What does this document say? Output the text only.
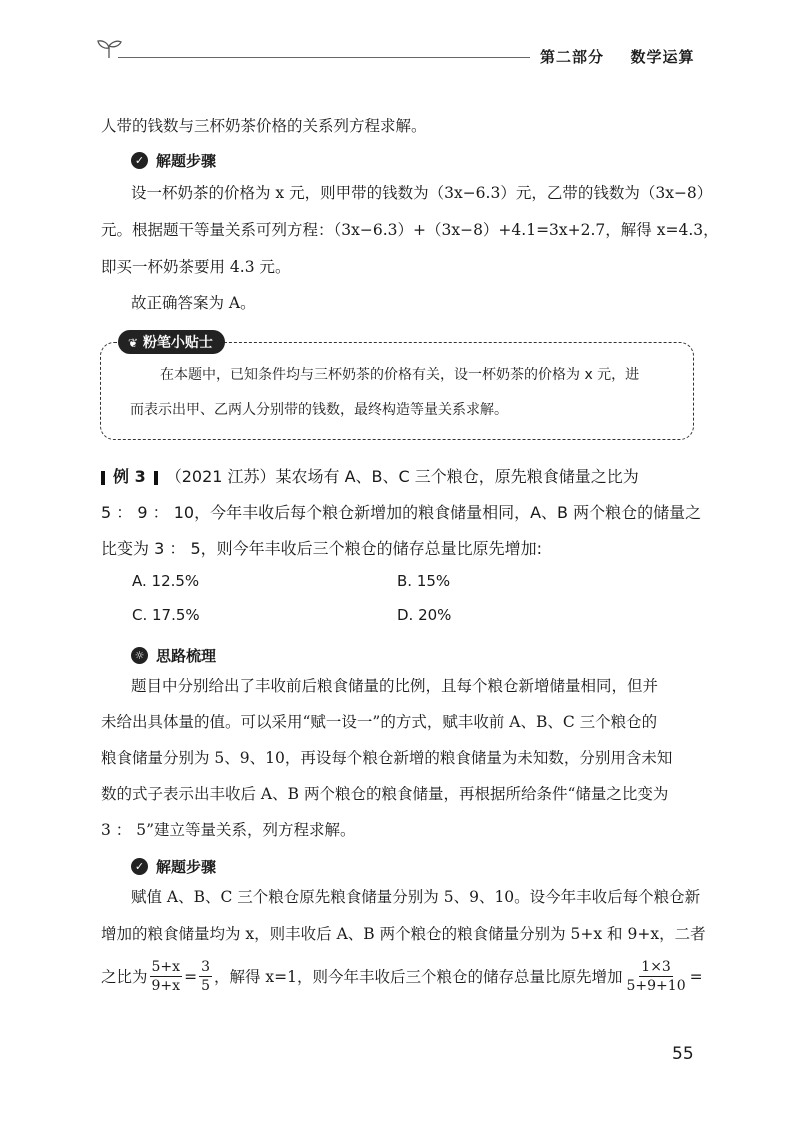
第二部分 数学运算
人带的钱数与三杯奶茶价格的关系列方程求解。
✓ 解题步骤
设一杯奶茶的价格为 x 元，则甲带的钱数为（3x−6.3）元，乙带的钱数为（3x−8）
元。根据题干等量关系可列方程：（3x−6.3）+（3x−8）+4.1=3x+2.7，解得 x=4.3，
即买一杯奶茶要用 4.3 元。
故正确答案为 A。
❦ 粉笔小贴士
在本题中，已知条件均与三杯奶茶的价格有关，设一杯奶茶的价格为 x 元，进
而表示出甲、乙两人分别带的钱数，最终构造等量关系求解。
例 3 （2021 江苏）某农场有 A、B、C 三个粮仓，原先粮食储量之比为
5 ： 9 ： 10，今年丰收后每个粮仓新增加的粮食储量相同，A、B 两个粮仓的储量之
比变为 3 ： 5，则今年丰收后三个粮仓的储存总量比原先增加:
A. 12.5%	B. 15%
C. 17.5%	D. 20%
☼ 思路梳理
题目中分别给出了丰收前后粮食储量的比例，且每个粮仓新增储量相同，但并
未给出具体量的值。可以采用“赋一设一”的方式，赋丰收前 A、B、C 三个粮仓的
粮食储量分别为 5、9、10，再设每个粮仓新增的粮食储量为未知数，分别用含未知
数的式子表示出丰收后 A、B 两个粮仓的粮食储量，再根据所给条件“储量之比变为
3 ： 5”建立等量关系，列方程求解。
✓ 解题步骤
赋值 A、B、C 三个粮仓原先粮食储量分别为 5、9、10。设今年丰收后每个粮仓新
增加的粮食储量均为 x，则丰收后 A、B 两个粮仓的粮食储量分别为 5+x 和 9+x，二者
之比为 $\frac{5+x}{9+x} = \frac{3}{5}$ ，解得 x=1，则今年丰收后三个粮仓的储存总量比原先增加 $\frac{1\times 3}{5+9+10}$ =
55
